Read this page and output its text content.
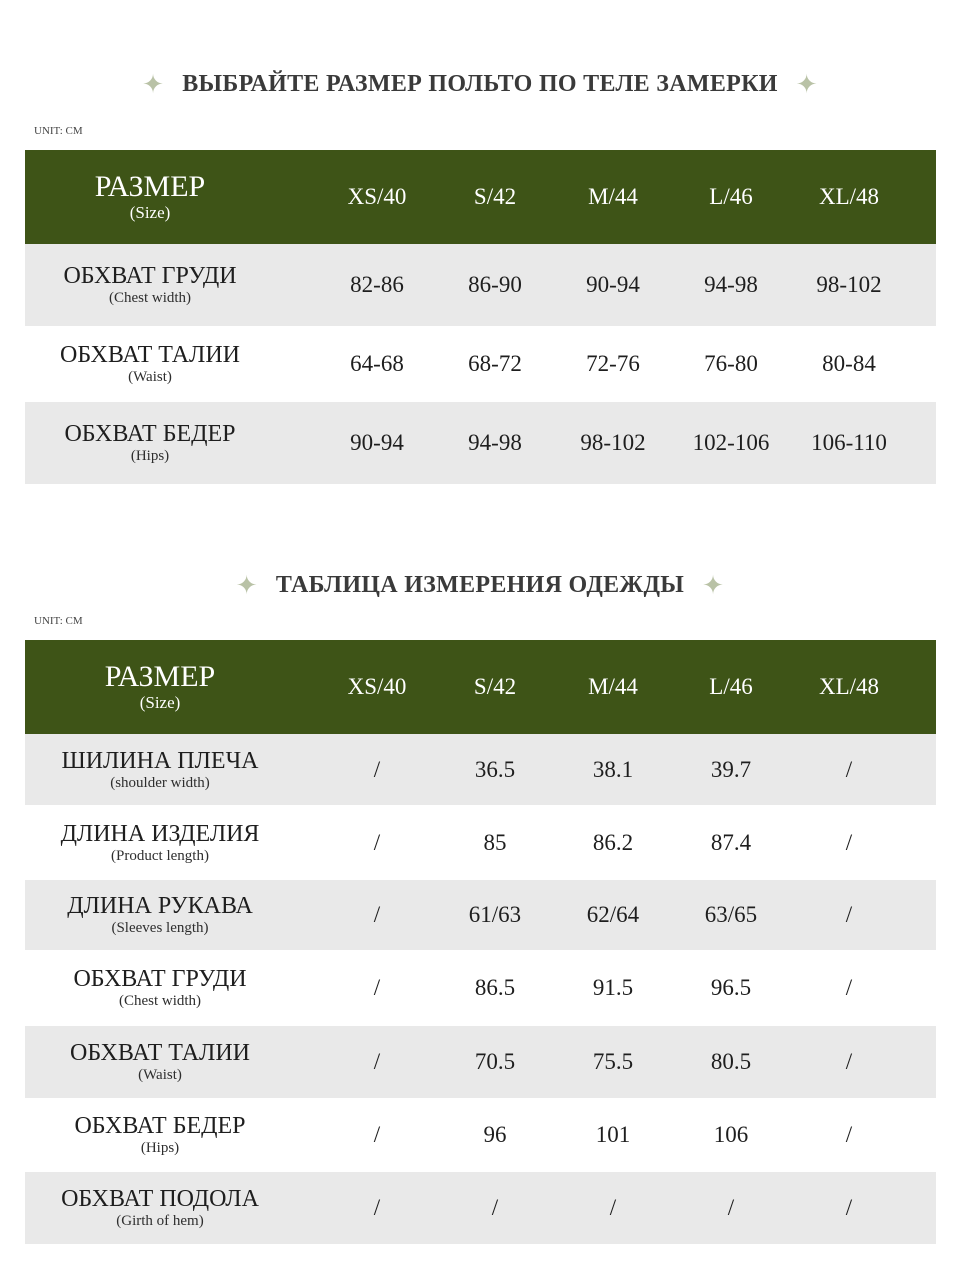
✦ ВЫБРАЙТЕ РАЗМЕР ПОЛЬТО ПО ТЕЛЕ ЗАМЕРКИ ✦
UNIT: CM
РАЗМЕР
(Size)
XS/40	S/42	M/44	L/46	XL/48
ОБХВАТ ГРУДИ
(Chest width)
82-86	86-90	90-94	94-98	98-102
ОБХВАТ ТАЛИИ
(Waist)
64-68	68-72	72-76	76-80	80-84
ОБХВАТ БЕДЕР
(Hips)
90-94	94-98	98-102	102-106	106-110
✦ ТАБЛИЦА ИЗМЕРЕНИЯ ОДЕЖДЫ ✦
UNIT: CM
РАЗМЕР
(Size)
XS/40	S/42	M/44	L/46	XL/48
ШИЛИНА ПЛЕЧА
(shoulder width)
/	36.5	38.1	39.7	/
ДЛИНА ИЗДЕЛИЯ
(Product length)
/	85	86.2	87.4	/
ДЛИНА РУКАВА
(Sleeves length)
/	61/63	62/64	63/65	/
ОБХВАТ ГРУДИ
(Chest width)
/	86.5	91.5	96.5	/
ОБХВАТ ТАЛИИ
(Waist)
/	70.5	75.5	80.5	/
ОБХВАТ БЕДЕР
(Hips)
/	96	101	106	/
ОБХВАТ ПОДОЛА
(Girth of hem)
/	/	/	/	/
